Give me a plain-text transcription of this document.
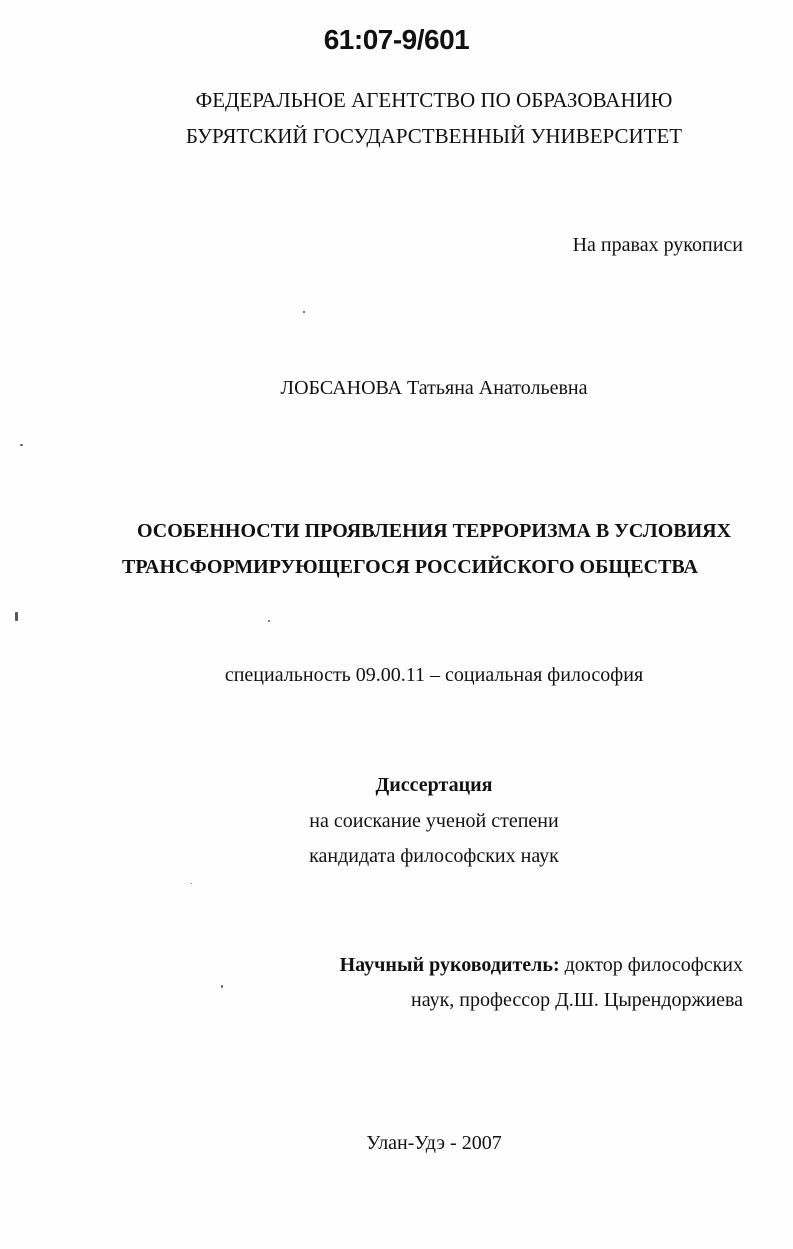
61:07-9/601

ФЕДЕРАЛЬНОЕ АГЕНТСТВО ПО ОБРАЗОВАНИЮ

БУРЯТСКИЙ ГОСУДАРСТВЕННЫЙ УНИВЕРСИТЕТ

На правах рукописи

ЛОБСАНОВА Татьяна Анатольевна

ОСОБЕННОСТИ ПРОЯВЛЕНИЯ ТЕРРОРИЗМА В УСЛОВИЯХ

ТРАНСФОРМИРУЮЩЕГОСЯ РОССИЙСКОГО ОБЩЕСТВА

специальность 09.00.11 – социальная философия

Диссертация

на соискание ученой степени

кандидата философских наук

Научный руководитель: доктор философских

наук, профессор Д.Ш. Цырендоржиева

Улан-Удэ - 2007
